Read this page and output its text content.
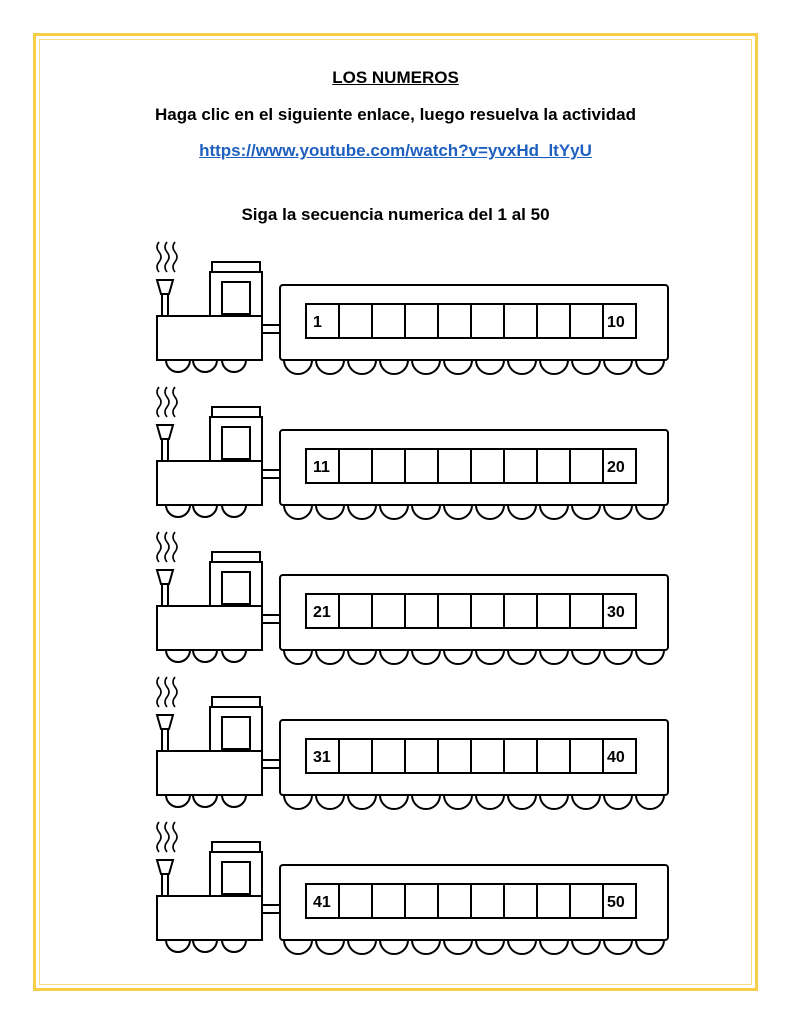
LOS NUMEROS
Haga clic en el siguiente enlace, luego resuelva la actividad
https://www.youtube.com/watch?v=yvxHd_ltYyU
Siga la secuencia numerica del 1 al 50
1	10
11	20
21	30
31	40
41	50
